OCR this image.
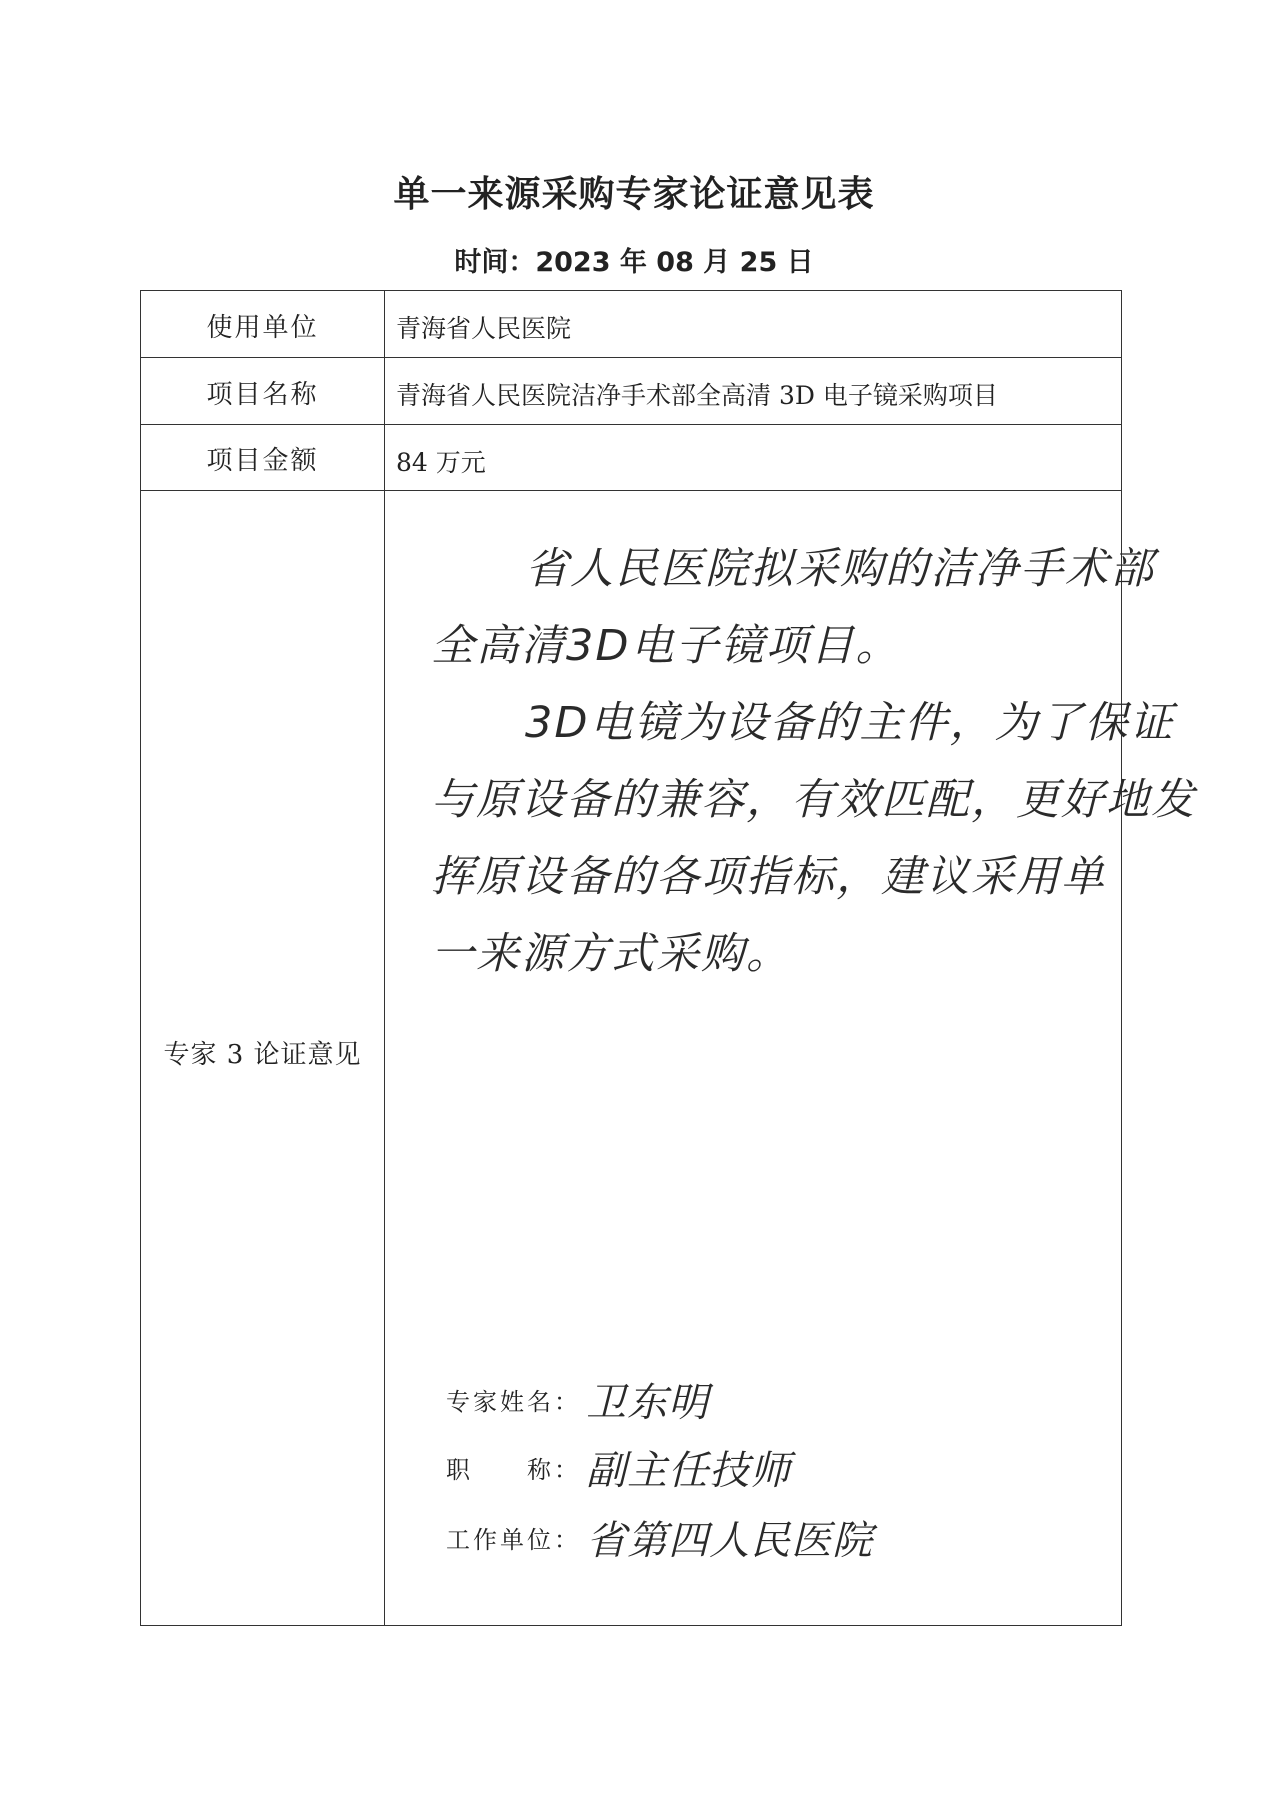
单一来源采购专家论证意见表
时间：2023 年 08 月 25 日
使用单位	青海省人民医院
项目名称	青海省人民医院洁净手术部全高清 3D 电子镜采购项目
项目金额	84 万元
专家 3 论证意见
省人民医院拟采购的洁净手术部
全高清3D电子镜项目。
3D电镜为设备的主件，为了保证
与原设备的兼容，有效匹配，更好地发
挥原设备的各项指标，建议采用单
一来源方式采购。
专家姓名： 卫东明
职　　称： 副主任技师
工作单位： 省第四人民医院
